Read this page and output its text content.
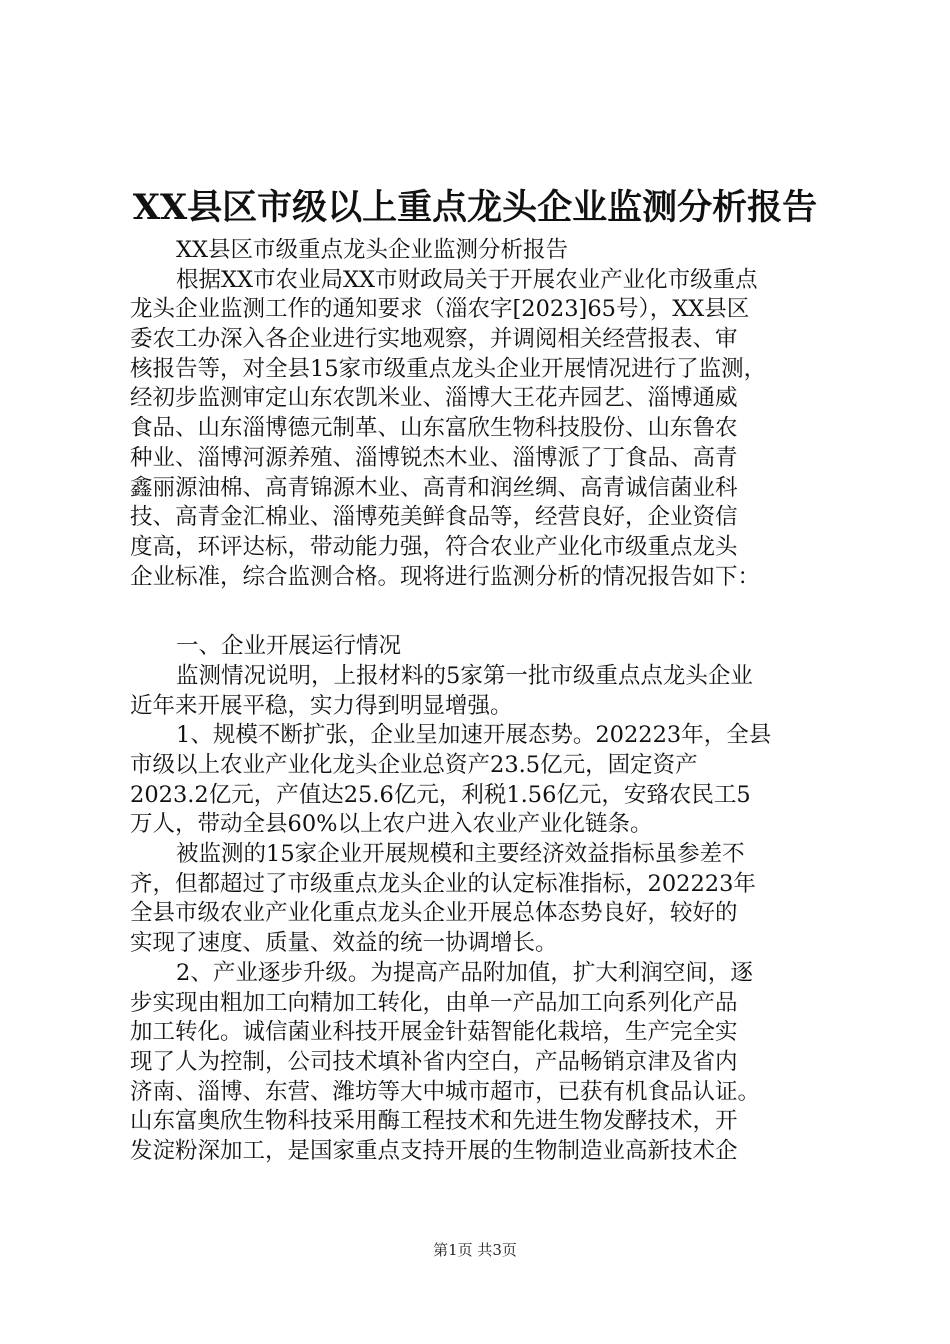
XX县区市级以上重点龙头企业监测分析报告
XX县区市级重点龙头企业监测分析报告
根据XX市农业局XX市财政局关于开展农业产业化市级重点
龙头企业监测工作的通知要求（淄农字[2023]65号），XX县区
委农工办深入各企业进行实地观察，并调阅相关经营报表、审
核报告等，对全县15家市级重点龙头企业开展情况进行了监测，
经初步监测审定山东农凯米业、淄博大王花卉园艺、淄博通威
食品、山东淄博德元制革、山东富欣生物科技股份、山东鲁农
种业、淄博河源养殖、淄博锐杰木业、淄博派了丁食品、高青
鑫丽源油棉、高青锦源木业、高青和润丝绸、高青诚信菌业科
技、高青金汇棉业、淄博苑美鲜食品等，经营良好，企业资信
度高，环评达标，带动能力强，符合农业产业化市级重点龙头
企业标准，综合监测合格。现将进行监测分析的情况报告如下：
一、企业开展运行情况
监测情况说明，上报材料的5家第一批市级重点点龙头企业
近年来开展平稳，实力得到明显增强。
1、规模不断扩张，企业呈加速开展态势。202223年，全县
市级以上农业产业化龙头企业总资产23.5亿元，固定资产
2023.2亿元，产值达25.6亿元，利税1.56亿元，安臵农民工5
万人，带动全县60%以上农户进入农业产业化链条。
被监测的15家企业开展规模和主要经济效益指标虽参差不
齐，但都超过了市级重点龙头企业的认定标准指标，202223年
全县市级农业产业化重点龙头企业开展总体态势良好，较好的
实现了速度、质量、效益的统一协调增长。
2、产业逐步升级。为提高产品附加值，扩大利润空间，逐
步实现由粗加工向精加工转化，由单一产品加工向系列化产品
加工转化。诚信菌业科技开展金针菇智能化栽培，生产完全实
现了人为控制，公司技术填补省内空白，产品畅销京津及省内
济南、淄博、东营、潍坊等大中城市超市，已获有机食品认证。
山东富奥欣生物科技采用酶工程技术和先进生物发酵技术，开
发淀粉深加工，是国家重点支持开展的生物制造业高新技术企
第1页 共3页
